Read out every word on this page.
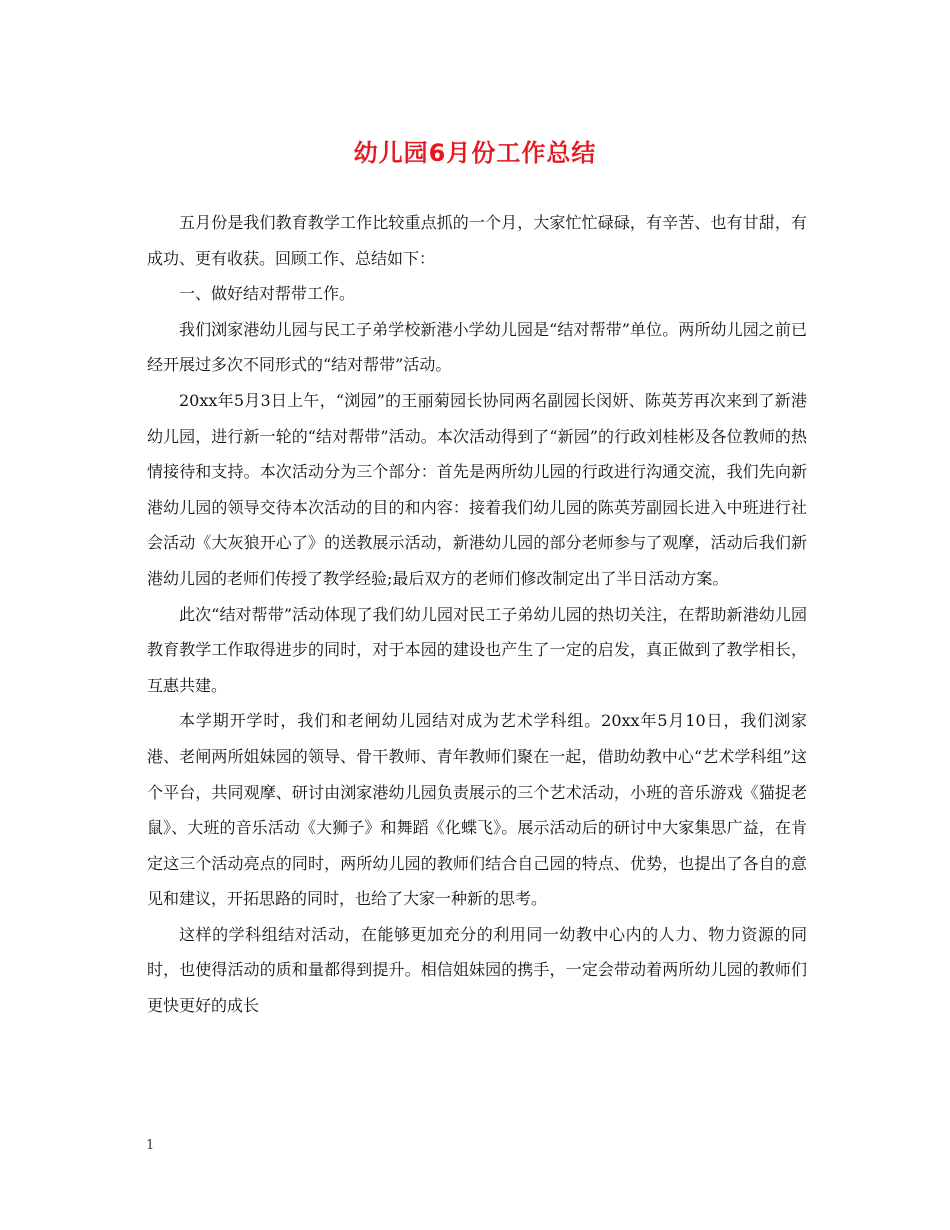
幼儿园6月份工作总结

五月份是我们教育教学工作比较重点抓的一个月，大家忙忙碌碌，有辛苦、也有甘甜，有成功、更有收获。回顾工作、总结如下：

一、做好结对帮带工作。

我们浏家港幼儿园与民工子弟学校新港小学幼儿园是“结对帮带”单位。两所幼儿园之前已经开展过多次不同形式的“结对帮带”活动。

20xx年5月3日上午，“浏园”的王丽菊园长协同两名副园长闵妍、陈英芳再次来到了新港幼儿园，进行新一轮的“结对帮带”活动。本次活动得到了“新园”的行政刘桂彬及各位教师的热情接待和支持。本次活动分为三个部分：首先是两所幼儿园的行政进行沟通交流，我们先向新港幼儿园的领导交待本次活动的目的和内容：接着我们幼儿园的陈英芳副园长进入中班进行社会活动《大灰狼开心了》的送教展示活动，新港幼儿园的部分老师参与了观摩，活动后我们新港幼儿园的老师们传授了教学经验;最后双方的老师们修改制定出了半日活动方案。

此次“结对帮带”活动体现了我们幼儿园对民工子弟幼儿园的热切关注，在帮助新港幼儿园教育教学工作取得进步的同时，对于本园的建设也产生了一定的启发，真正做到了教学相长，互惠共建。

本学期开学时，我们和老闸幼儿园结对成为艺术学科组。20xx年5月10日，我们浏家港、老闸两所姐妹园的领导、骨干教师、青年教师们聚在一起，借助幼教中心“艺术学科组”这个平台，共同观摩、研讨由浏家港幼儿园负责展示的三个艺术活动，小班的音乐游戏《猫捉老鼠》、大班的音乐活动《大狮子》和舞蹈《化蝶飞》。展示活动后的研讨中大家集思广益，在肯定这三个活动亮点的同时，两所幼儿园的教师们结合自己园的特点、优势，也提出了各自的意见和建议，开拓思路的同时，也给了大家一种新的思考。

这样的学科组结对活动，在能够更加充分的利用同一幼教中心内的人力、物力资源的同时，也使得活动的质和量都得到提升。相信姐妹园的携手，一定会带动着两所幼儿园的教师们更快更好的成长

1
